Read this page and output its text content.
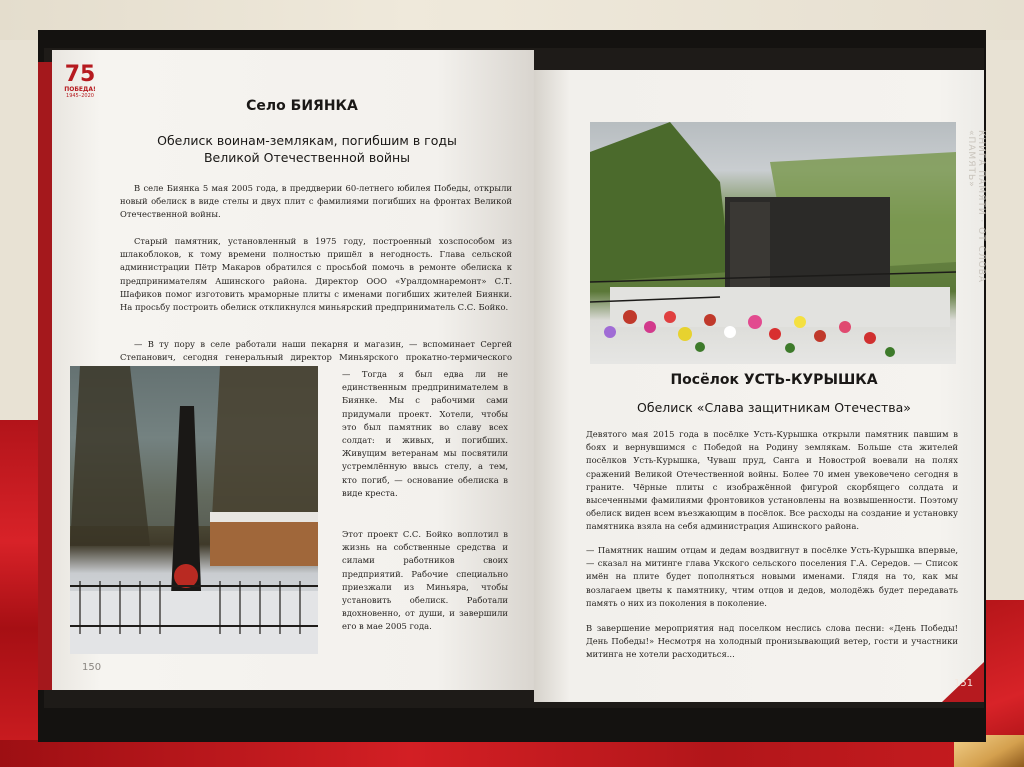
75
ПОБЕДА!
1945–2020
Село БИЯНКА
Обелиск воинам-землякам, погибшим в годы Великой Отечественной войны

В селе Биянка 5 мая 2005 года, в преддверии 60-летнего юбилея Победы, открыли новый обелиск в виде стелы и двух плит с фамилиями погибших на фронтах Великой Отечественной войны.

Старый памятник, установленный в 1975 году, построенный хозспособом из шлакоблоков, к тому времени полностью пришёл в негодность. Глава сельской администрации Пётр Макаров обратился с просьбой помочь в ремонте обелиска к предпринимателям Ашинского района. Директор ООО «Уралдомнаремонт» С.Т. Шафиков помог изготовить мраморные плиты с именами погибших жителей Биянки. На просьбу построить обелиск откликнулся миньярский предприниматель С.С. Бойко.

— В ту пору в селе работали наши пекарня и магазин, — вспоминает Сергей Степанович, сегодня генеральный директор Миньярского прокатно-термического

— Тогда я был едва ли не единственным предпринимателем в Биянке. Мы с рабочими сами придумали проект. Хотели, чтобы это был памятник во славу всех солдат: и живых, и погибших. Живущим ветеранам мы посвятили устремлённую ввысь стелу, а тем, кто погиб, — основание обелиска в виде креста.

Этот проект С.С. Бойко воплотил в жизнь на собственные средства и силами работников своих предприятий. Рабочие специально приезжали из Миньяра, чтобы установить обелиск. Работали вдохновенно, от души, и завершили его в мае 2005 года.

150
Посёлок УСТЬ-КУРЫШКА
Обелиск «Слава защитникам Отечества»

Девятого мая 2015 года в посёлке Усть-Курышка открыли памятник павшим в боях и вернувшимся с Победой на Родину землякам. Больше ста жителей посёлков Усть-Курышка, Чуваш пруд, Санга и Новострой воевали на полях сражений Великой Отечественной войны. Более 70 имен увековечено сегодня в граните. Чёрные плиты с изображённой фигурой скорбящего солдата и высеченными фамилиями фронтовиков установлены на возвышенности. Поэтому обелиск виден всем въезжающим в посёлок. Все расходы на создание и установку памятника взяла на себя администрация Ашинского района.

— Памятник нашим отцам и дедам воздвигнут в посёлке Усть-Курышка впервые, — сказал на митинге глава Укского сельского поселения Г.А. Середов. — Список имён на плите будет пополняться новыми именами. Глядя на то, как мы возлагаем цветы к памятнику, чтим отцов и дедов, молодёжь будет передавать память о них из поколения в поколение.

В завершение мероприятия над поселком неслись слова песни: «День Победы! День Победы!» Несмотря на холодный пронизывающий ветер, гости и участники митинга не хотели расходиться...

КНИГА ПАМЯТИ · ОТ СЛОВА «ПАМЯТЬ»
151
